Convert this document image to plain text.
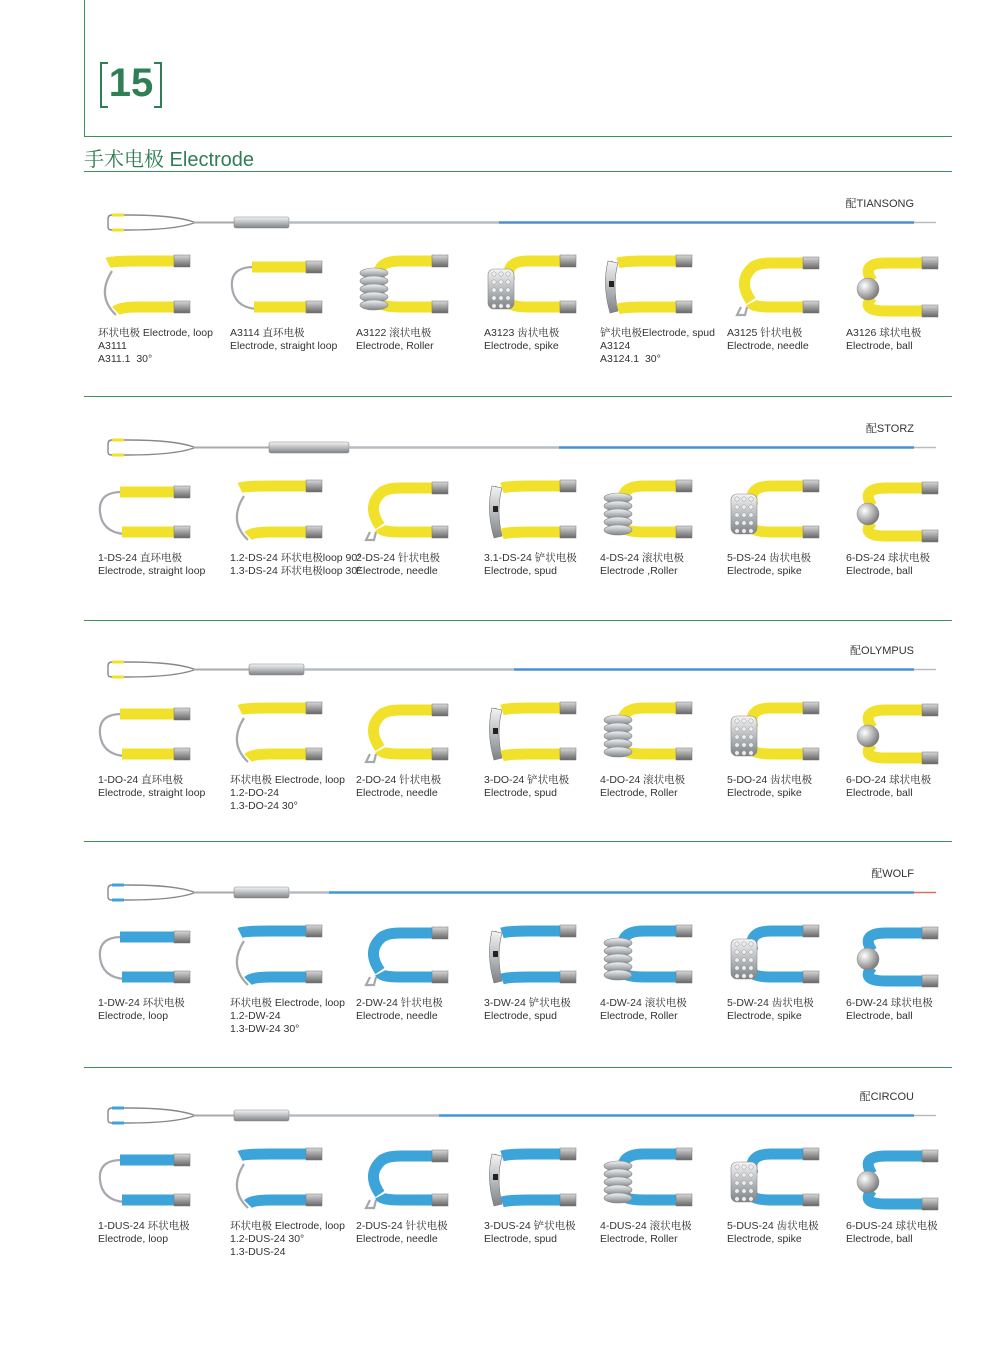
15
手术电极 Electrode
配TIANSONG
环状电极 Electrode, loop
A3111
A311.1  30°
A3114 直环电极
Electrode, straight loop
A3122 滚状电极
Electrode, Roller
A3123 齿状电极
Electrode, spike
铲状电极Electrode, spud
A3124
A3124.1  30°
A3125 针状电极
Electrode, needle
A3126 球状电极
Electrode, ball
配STORZ
1-DS-24 直环电极
Electrode, straight loop
1.2-DS-24 环状电极loop 90°
1.3-DS-24 环状电极loop 30°
2-DS-24 针状电极
Electrode, needle
3.1-DS-24 铲状电极
Electrode, spud
4-DS-24 滚状电极
Electrode ,Roller
5-DS-24 齿状电极
Electrode, spike
6-DS-24 球状电极
Electrode, ball
配OLYMPUS
1-DO-24 直环电极
Electrode, straight loop
环状电极 Electrode, loop
1.2-DO-24
1.3-DO-24 30°
2-DO-24 针状电极
Electrode, needle
3-DO-24 铲状电极
Electrode, spud
4-DO-24 滚状电极
Electrode, Roller
5-DO-24 齿状电极
Electrode, spike
6-DO-24 球状电极
Electrode, ball
配WOLF
1-DW-24 环状电极
Electrode, loop
环状电极 Electrode, loop
1.2-DW-24
1.3-DW-24 30°
2-DW-24 针状电极
Electrode, needle
3-DW-24 铲状电极
Electrode, spud
4-DW-24 滚状电极
Electrode, Roller
5-DW-24 齿状电极
Electrode, spike
6-DW-24 球状电极
Electrode, ball
配CIRCOU
1-DUS-24 环状电极
Electrode, loop
环状电极 Electrode, loop
1.2-DUS-24 30°
1.3-DUS-24
2-DUS-24 针状电极
Electrode, needle
3-DUS-24 铲状电极
Electrode, spud
4-DUS-24 滚状电极
Electrode, Roller
5-DUS-24 齿状电极
Electrode, spike
6-DUS-24 球状电极
Electrode, ball
